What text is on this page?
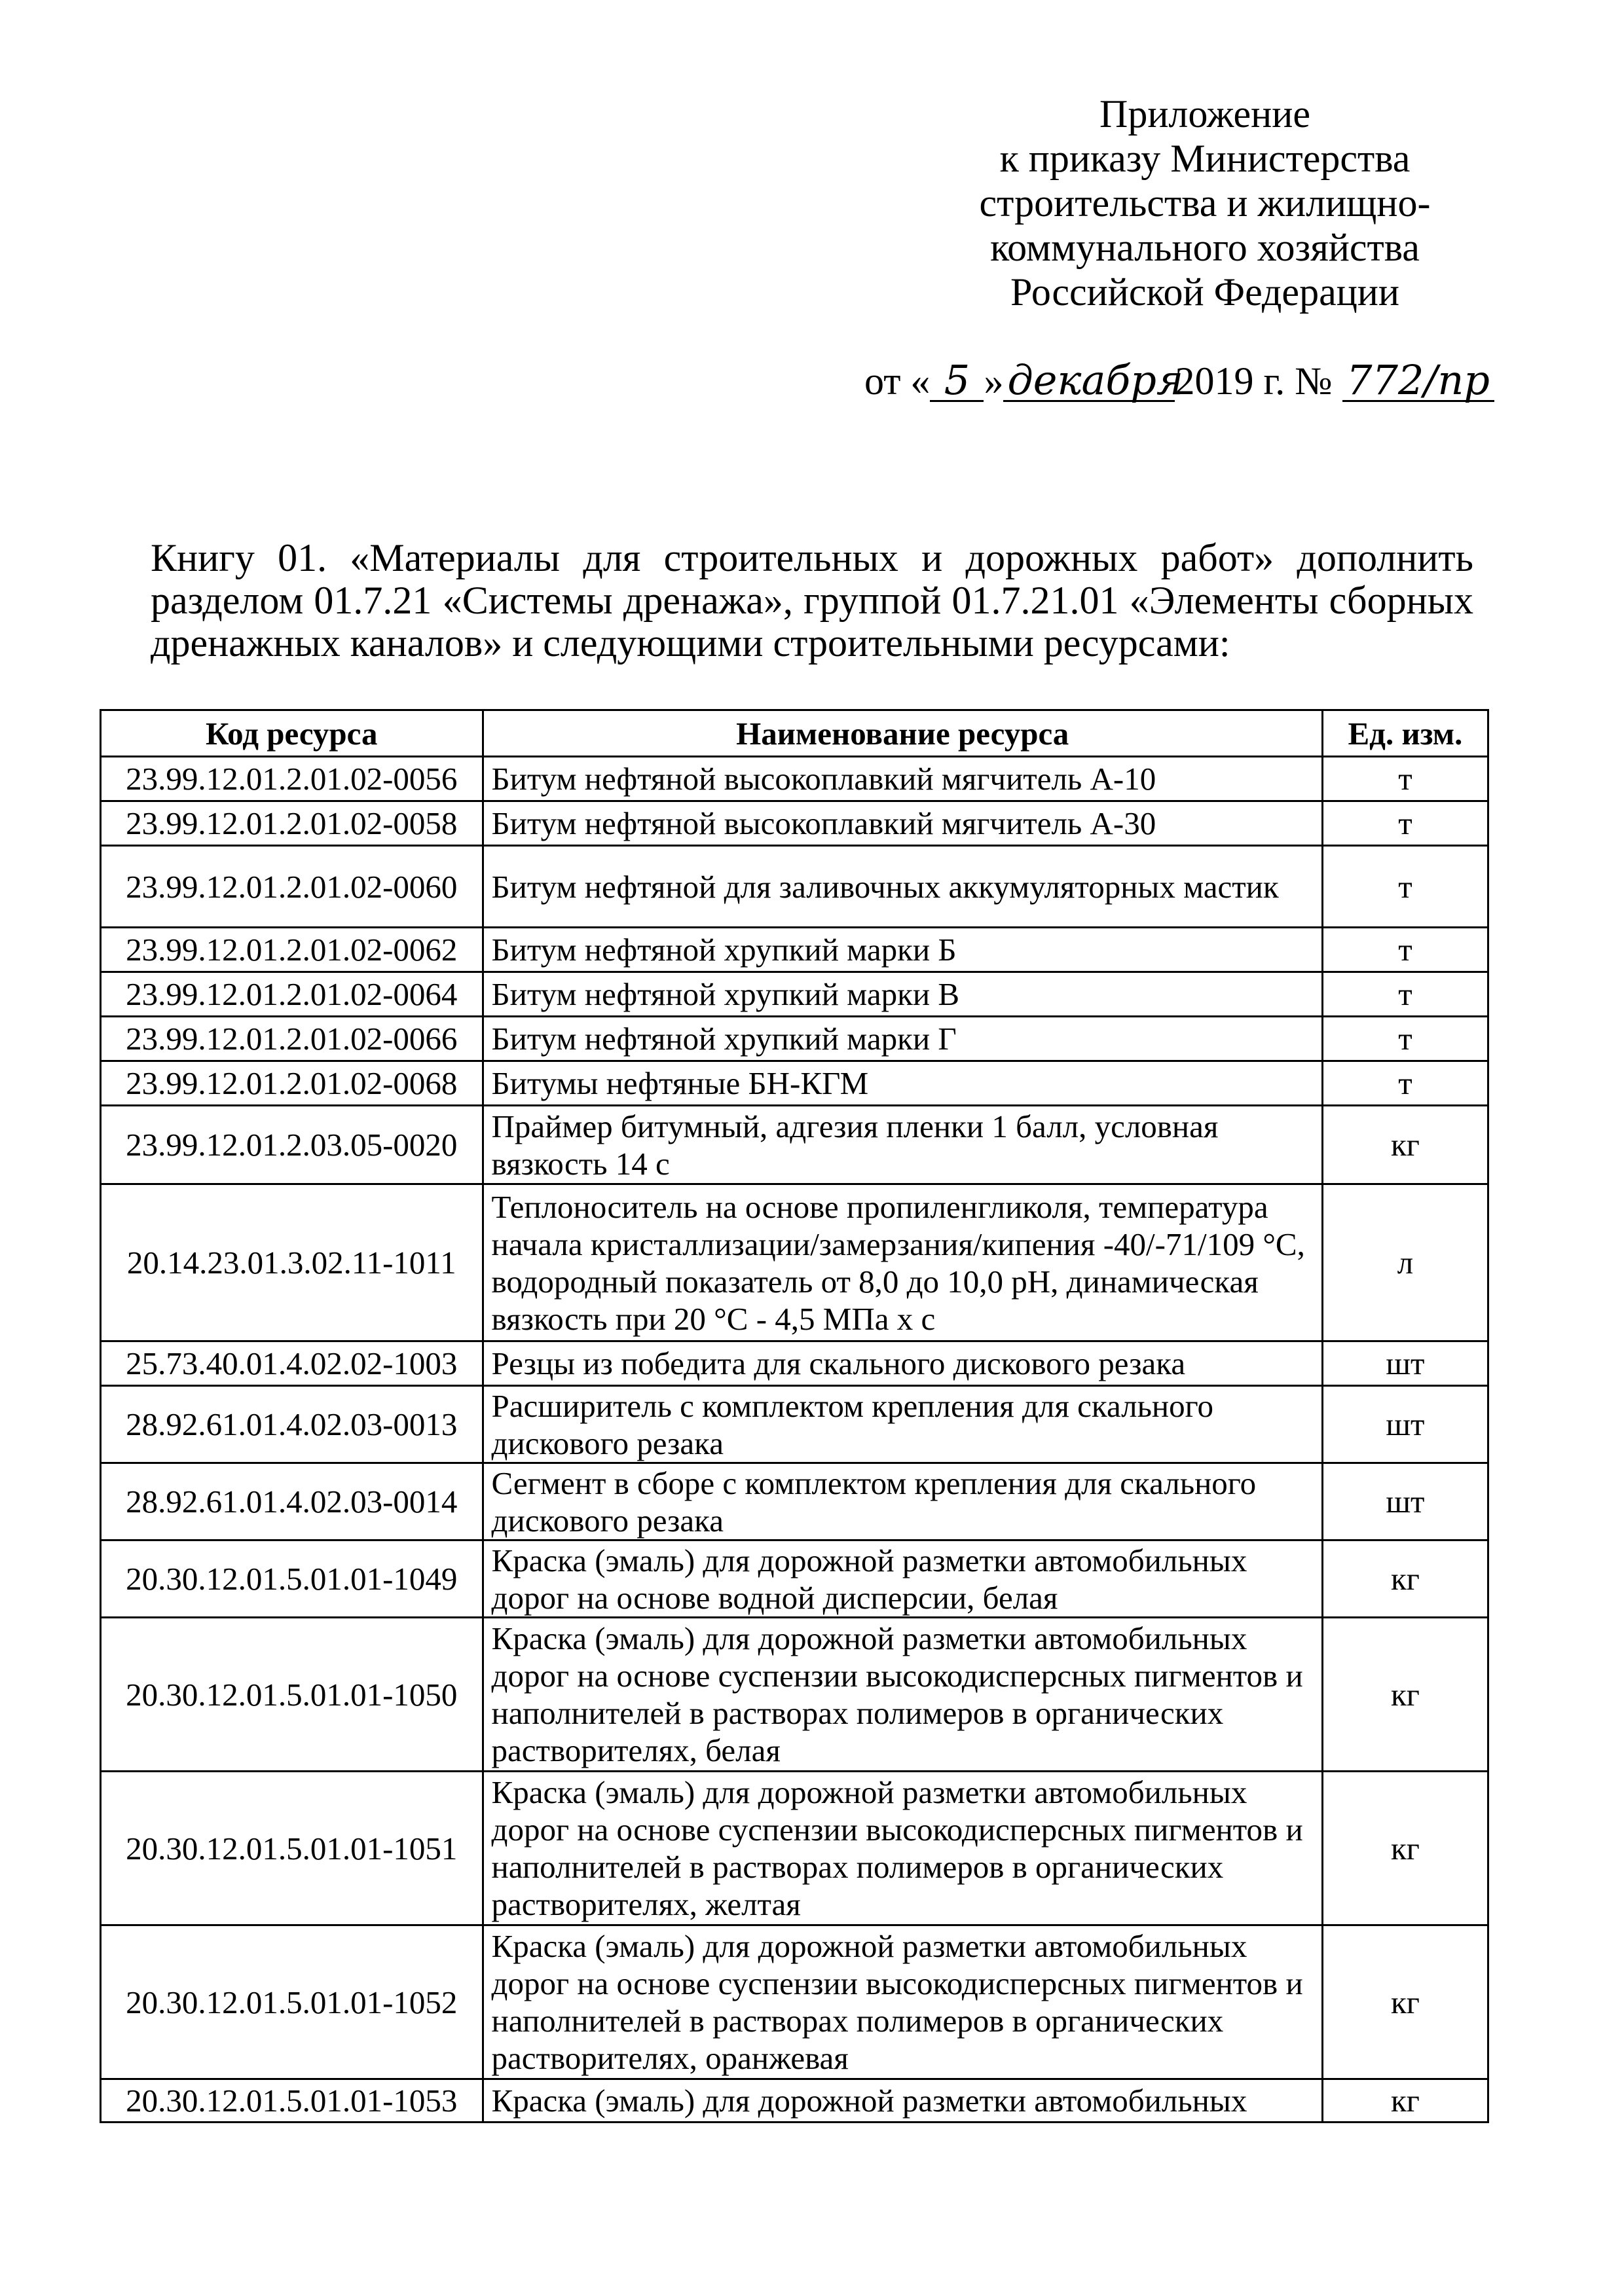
Приложение
к приказу Министерства
строительства и жилищно-
коммунального хозяйства
Российской Федерации
от « 5 »декабря2019 г. № 772/пр
Книгу 01. «Материалы для строительных и дорожных работ» дополнить разделом 01.7.21 «Системы дренажа», группой 01.7.21.01 «Элементы сборных дренажных каналов» и следующими строительными ресурсами:
Код ресурса	Наименование ресурса	Ед. изм.
23.99.12.01.2.01.02-0056	Битум нефтяной высокоплавкий мягчитель А-10	т
23.99.12.01.2.01.02-0058	Битум нефтяной высокоплавкий мягчитель А-30	т
23.99.12.01.2.01.02-0060	Битум нефтяной для заливочных аккумуляторных мастик	т
23.99.12.01.2.01.02-0062	Битум нефтяной хрупкий марки Б	т
23.99.12.01.2.01.02-0064	Битум нефтяной хрупкий марки В	т
23.99.12.01.2.01.02-0066	Битум нефтяной хрупкий марки Г	т
23.99.12.01.2.01.02-0068	Битумы нефтяные БН-КГМ	т
23.99.12.01.2.03.05-0020	Праймер битумный, адгезия пленки 1 балл, условная вязкость 14 с	кг
20.14.23.01.3.02.11-1011	Теплоноситель на основе пропиленгликоля, температура начала кристаллизации/замерзания/кипения -40/-71/109 °С, водородный показатель от 8,0 до 10,0 pH, динамическая вязкость при 20 °С - 4,5 МПа х с	л
25.73.40.01.4.02.02-1003	Резцы из победита для скального дискового резака	шт
28.92.61.01.4.02.03-0013	Расширитель с комплектом крепления для скального дискового резака	шт
28.92.61.01.4.02.03-0014	Сегмент в сборе с комплектом крепления для скального дискового резака	шт
20.30.12.01.5.01.01-1049	Краска (эмаль) для дорожной разметки автомобильных дорог на основе водной дисперсии, белая	кг
20.30.12.01.5.01.01-1050	Краска (эмаль) для дорожной разметки автомобильных дорог на основе суспензии высокодисперсных пигментов и наполнителей в растворах полимеров в органических растворителях, белая	кг
20.30.12.01.5.01.01-1051	Краска (эмаль) для дорожной разметки автомобильных дорог на основе суспензии высокодисперсных пигментов и наполнителей в растворах полимеров в органических растворителях, желтая	кг
20.30.12.01.5.01.01-1052	Краска (эмаль) для дорожной разметки автомобильных дорог на основе суспензии высокодисперсных пигментов и наполнителей в растворах полимеров в органических растворителях, оранжевая	кг
20.30.12.01.5.01.01-1053	Краска (эмаль) для дорожной разметки автомобильных	кг
